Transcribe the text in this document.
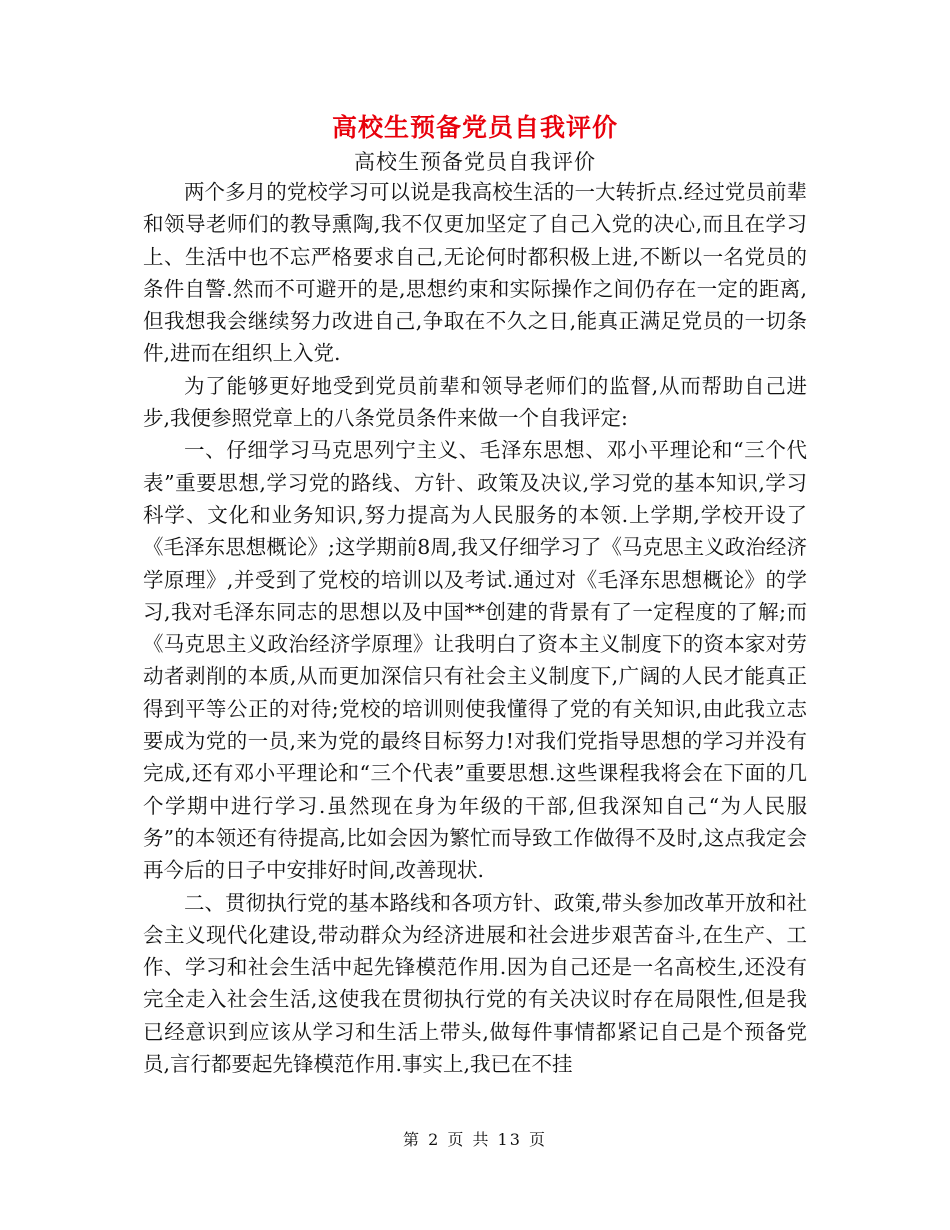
高校生预备党员自我评价
高校生预备党员自我评价

两个多月的党校学习可以说是我高校生活的一大转折点.经过党员前辈和领导老师们的教导熏陶,我不仅更加坚定了自己入党的决心,而且在学习上、生活中也不忘严格要求自己,无论何时都积极上进,不断以一名党员的条件自警.然而不可避开的是,思想约束和实际操作之间仍存在一定的距离,但我想我会继续努力改进自己,争取在不久之日,能真正满足党员的一切条件,进而在组织上入党.

为了能够更好地受到党员前辈和领导老师们的监督,从而帮助自己进步,我便参照党章上的八条党员条件来做一个自我评定:

一、仔细学习马克思列宁主义、毛泽东思想、邓小平理论和“三个代表”重要思想,学习党的路线、方针、政策及决议,学习党的基本知识,学习科学、文化和业务知识,努力提高为人民服务的本领.上学期,学校开设了《毛泽东思想概论》;这学期前8周,我又仔细学习了《马克思主义政治经济学原理》,并受到了党校的培训以及考试.通过对《毛泽东思想概论》的学习,我对毛泽东同志的思想以及中国**创建的背景有了一定程度的了解;而《马克思主义政治经济学原理》让我明白了资本主义制度下的资本家对劳动者剥削的本质,从而更加深信只有社会主义制度下,广阔的人民才能真正得到平等公正的对待;党校的培训则使我懂得了党的有关知识,由此我立志要成为党的一员,来为党的最终目标努力!对我们党指导思想的学习并没有完成,还有邓小平理论和“三个代表”重要思想.这些课程我将会在下面的几个学期中进行学习.虽然现在身为年级的干部,但我深知自己“为人民服务”的本领还有待提高,比如会因为繁忙而导致工作做得不及时,这点我定会再今后的日子中安排好时间,改善现状.

二、贯彻执行党的基本路线和各项方针、政策,带头参加改革开放和社会主义现代化建设,带动群众为经济进展和社会进步艰苦奋斗,在生产、工作、学习和社会生活中起先锋模范作用.因为自己还是一名高校生,还没有完全走入社会生活,这使我在贯彻执行党的有关决议时存在局限性,但是我已经意识到应该从学习和生活上带头,做每件事情都紧记自己是个预备党员,言行都要起先锋模范作用.事实上,我已在不挂

第 2 页 共 13 页
